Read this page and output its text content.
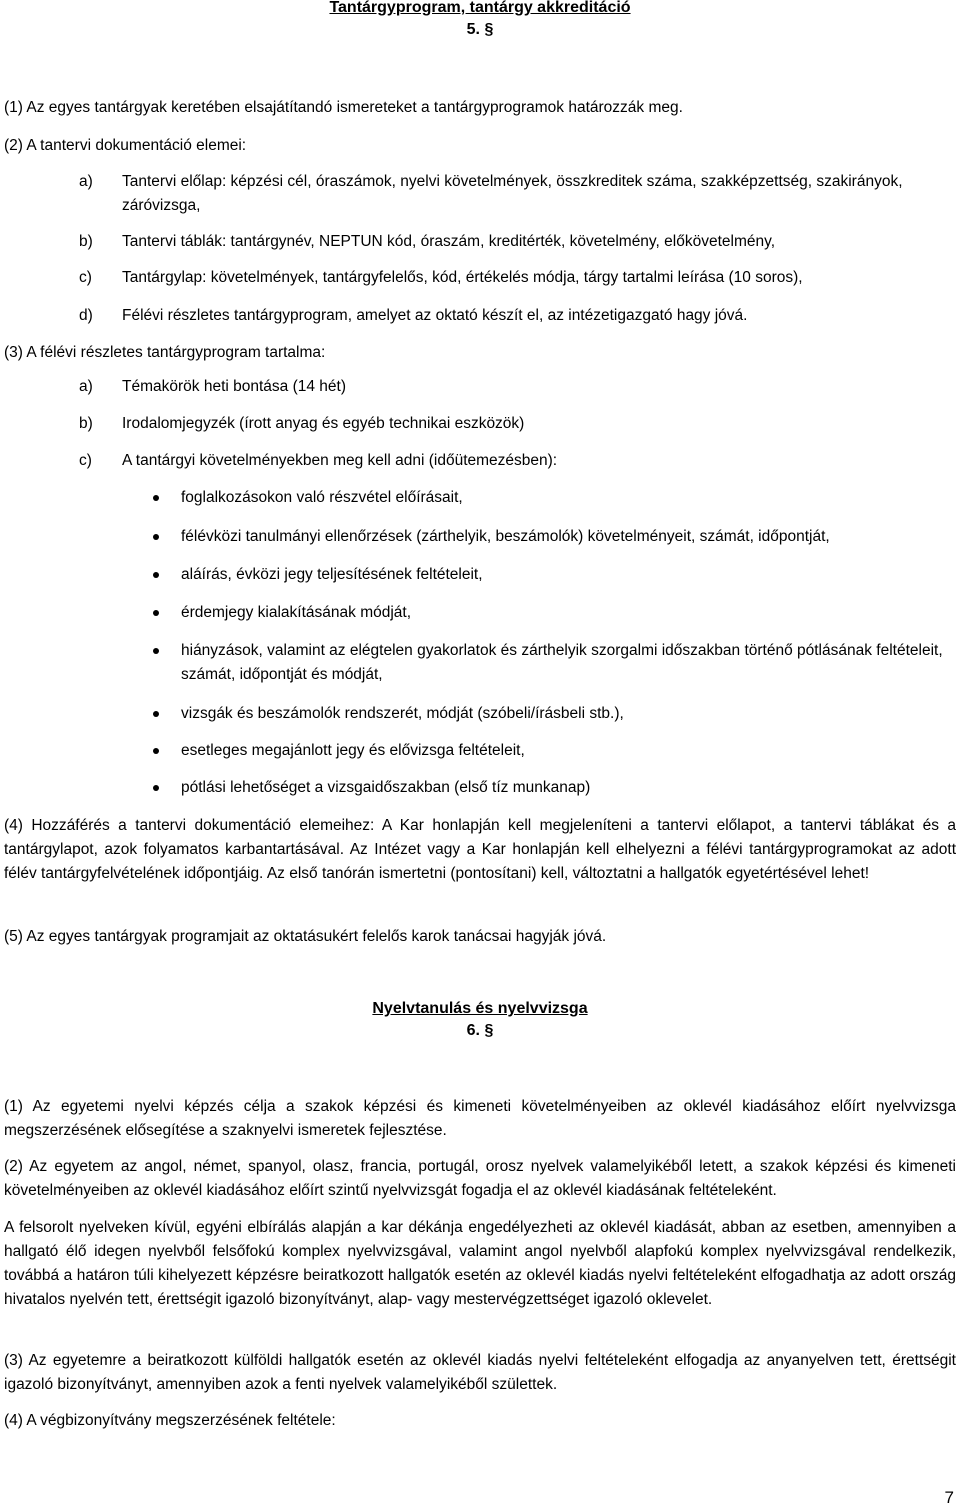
Tantárgyprogram, tantárgy akkreditáció
5. §

(1) Az egyes tantárgyak keretében elsajátítandó ismereteket a tantárgyprogramok határozzák meg.

(2) A tantervi dokumentáció elemei:

a)	Tantervi előlap: képzési cél, óraszámok, nyelvi követelmények, összkreditek száma, szakképzettség, szakirányok, záróvizsga,
b)	Tantervi táblák: tantárgynév, NEPTUN kód, óraszám, kreditérték, követelmény, előkövetelmény,
c)	Tantárgylap: követelmények, tantárgyfelelős, kód, értékelés módja, tárgy tartalmi leírása (10 soros),
d)	Félévi részletes tantárgyprogram, amelyet az oktató készít el, az intézetigazgató hagy jóvá.

(3) A félévi részletes tantárgyprogram tartalma:

a)	Témakörök heti bontása (14 hét)
b)	Irodalomjegyzék (írott anyag és egyéb technikai eszközök)
c)	A tantárgyi követelményekben meg kell adni (időütemezésben):
foglalkozásokon való részvétel előírásait,
félévközi tanulmányi ellenőrzések (zárthelyik, beszámolók) követelményeit, számát, időpontját,
aláírás, évközi jegy teljesítésének feltételeit,
érdemjegy kialakításának módját,
hiányzások, valamint az elégtelen gyakorlatok és zárthelyik szorgalmi időszakban történő pótlásának feltételeit, számát, időpontját és módját,
vizsgák és beszámolók rendszerét, módját (szóbeli/írásbeli stb.),
esetleges megajánlott jegy és elővizsga feltételeit,
pótlási lehetőséget a vizsgaidőszakban (első tíz munkanap)

(4) Hozzáférés a tantervi dokumentáció elemeihez: A Kar honlapján kell megjeleníteni a tantervi előlapot, a tantervi táblákat és a tantárgylapot, azok folyamatos karbantartásával. Az Intézet vagy a Kar honlapján kell elhelyezni a félévi tantárgyprogramokat az adott félév tantárgyfelvételének időpontjáig. Az első tanórán ismertetni (pontosítani) kell, változtatni a hallgatók egyetértésével lehet!

(5) Az egyes tantárgyak programjait az oktatásukért felelős karok tanácsai hagyják jóvá.

Nyelvtanulás és nyelvvizsga
6. §

(1) Az egyetemi nyelvi képzés célja a szakok képzési és kimeneti követelményeiben az oklevél kiadásához előírt nyelvvizsga megszerzésének elősegítése a szaknyelvi ismeretek fejlesztése.

(2) Az egyetem az angol, német, spanyol, olasz, francia, portugál, orosz nyelvek valamelyikéből letett, a szakok képzési és kimeneti követelményeiben az oklevél kiadásához előírt szintű nyelvvizsgát fogadja el az oklevél kiadásának feltételeként.

A felsorolt nyelveken kívül, egyéni elbírálás alapján a kar dékánja engedélyezheti az oklevél kiadását, abban az esetben, amennyiben a hallgató élő idegen nyelvből felsőfokú komplex nyelvvizsgával, valamint angol nyelvből alapfokú komplex nyelvvizsgával rendelkezik, továbbá a határon túli kihelyezett képzésre beiratkozott hallgatók esetén az oklevél kiadás nyelvi feltételeként elfogadhatja az adott ország hivatalos nyelvén tett, érettségit igazoló bizonyítványt, alap- vagy mestervégzettséget igazoló oklevelet.

(3) Az egyetemre a beiratkozott külföldi hallgatók esetén az oklevél kiadás nyelvi feltételeként elfogadja az anyanyelven tett, érettségit igazoló bizonyítványt, amennyiben azok a fenti nyelvek valamelyikéből születtek.

(4) A végbizonyítvány megszerzésének feltétele:

7
